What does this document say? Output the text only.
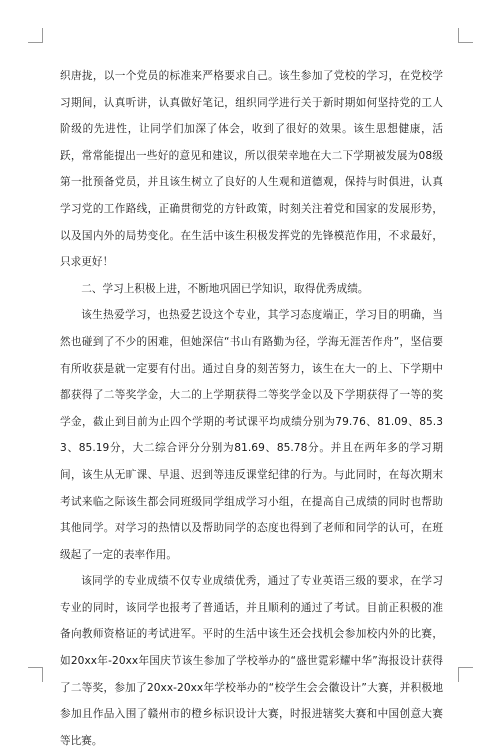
织唐拢，以一个党员的标准来严格要求自己。该生参加了党校的学习，在党校学习期间，认真听讲，认真做好笔记，组织同学进行关于新时期如何坚持党的工人阶级的先进性，让同学们加深了体会，收到了很好的效果。该生思想健康，活跃，常常能提出一些好的意见和建议，所以很荣幸地在大二下学期被发展为08级第一批预备党员，并且该生树立了良好的人生观和道德观，保持与时俱进，认真学习党的工作路线，正确贯彻党的方针政策，时刻关注着党和国家的发展形势，以及国内外的局势变化。在生活中该生积极发挥党的先锋模范作用，不求最好，只求更好！

二、学习上积极上进，不断地巩固已学知识，取得优秀成绩。

该生热爱学习，也热爱艺设这个专业，其学习态度端正，学习目的明确，当然也碰到了不少的困难，但她深信“书山有路勤为径，学海无涯苦作舟”，坚信要有所收获是就一定要有付出。通过自身的刻苦努力，该生在大一的上、下学期中都获得了二等奖学金，大二的上学期获得二等奖学金以及下学期获得了一等的奖学金，截止到目前为止四个学期的考试课平均成绩分别为79.76、81.09、85.33、85.19分，大二综合评分分别为81.69、85.78分。并且在两年多的学习期间，该生从无旷课、早退、迟到等违反课堂纪律的行为。与此同时，在每次期末考试来临之际该生都会同班级同学组成学习小组，在提高自己成绩的同时也帮助其他同学。对学习的热情以及帮助同学的态度也得到了老师和同学的认可，在班级起了一定的表率作用。

该同学的专业成绩不仅专业成绩优秀，通过了专业英语三级的要求，在学习专业的同时，该同学也报考了普通话，并且顺利的通过了考试。目前正积极的准备向教师资格证的考试进军。平时的生活中该生还会找机会参加校内外的比赛，如20xx年-20xx年国庆节该生参加了学校举办的“盛世霓彩耀中华”海报设计获得了二等奖，参加了20xx-20xx年学校举办的“校学生会会徽设计”大赛，并积极地参加且作品入围了赣州市的橙乡标识设计大赛，时报进辖奖大赛和中国创意大赛等比赛。
